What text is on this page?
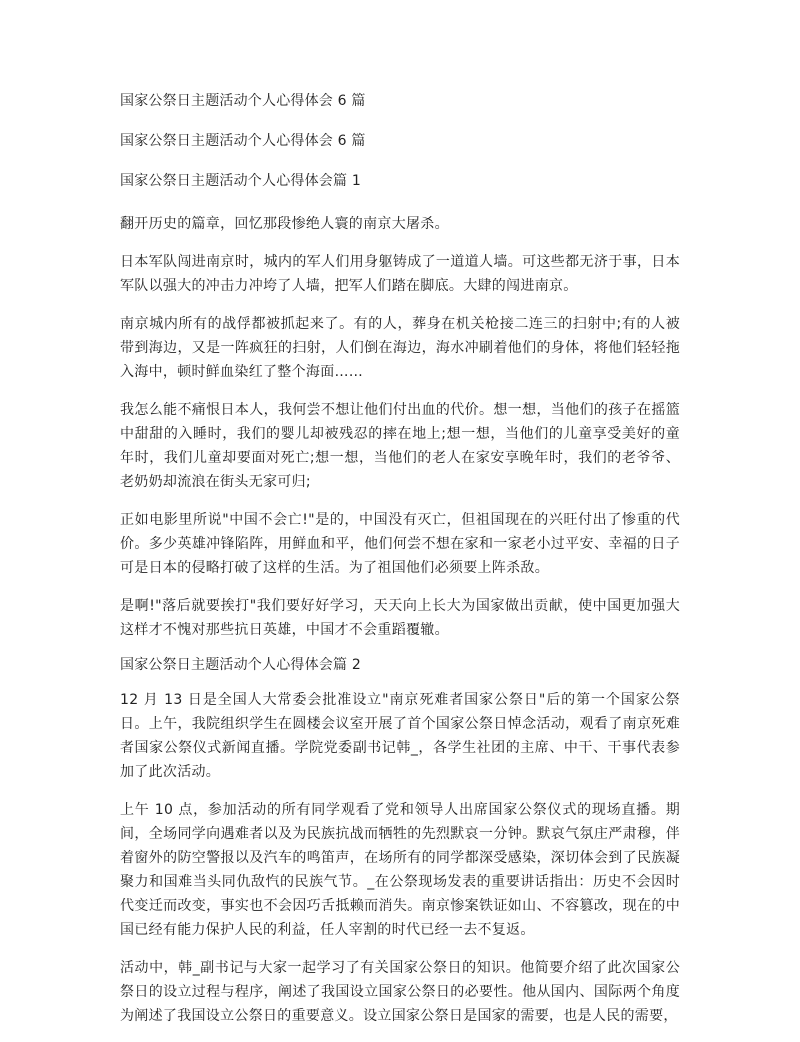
国家公祭日主题活动个人心得体会 6 篇
国家公祭日主题活动个人心得体会 6 篇
国家公祭日主题活动个人心得体会篇 1

翻开历史的篇章，回忆那段惨绝人寰的南京大屠杀。

日本军队闯进南京时，城内的军人们用身躯铸成了一道道人墙。可这些都无济于事，日本军队以强大的冲击力冲垮了人墙，把军人们踏在脚底。大肆的闯进南京。

南京城内所有的战俘都被抓起来了。有的人，葬身在机关枪接二连三的扫射中;有的人被带到海边，又是一阵疯狂的扫射，人们倒在海边，海水冲刷着他们的身体，将他们轻轻拖入海中，顿时鲜血染红了整个海面……

我怎么能不痛恨日本人，我何尝不想让他们付出血的代价。想一想，当他们的孩子在摇篮中甜甜的入睡时，我们的婴儿却被残忍的摔在地上;想一想，当他们的儿童享受美好的童年时，我们儿童却要面对死亡;想一想，当他们的老人在家安享晚年时，我们的老爷爷、老奶奶却流浪在街头无家可归;

正如电影里所说"中国不会亡!"是的，中国没有灭亡，但祖国现在的兴旺付出了惨重的代价。多少英雄冲锋陷阵，用鲜血和平，他们何尝不想在家和一家老小过平安、幸福的日子可是日本的侵略打破了这样的生活。为了祖国他们必须要上阵杀敌。

是啊!"落后就要挨打"我们要好好学习，天天向上长大为国家做出贡献，使中国更加强大这样才不愧对那些抗日英雄，中国才不会重蹈覆辙。

国家公祭日主题活动个人心得体会篇 2

12 月 13 日是全国人大常委会批准设立"南京死难者国家公祭日"后的第一个国家公祭日。上午，我院组织学生在圆楼会议室开展了首个国家公祭日悼念活动，观看了南京死难者国家公祭仪式新闻直播。学院党委副书记韩_，各学生社团的主席、中干、干事代表参加了此次活动。

上午 10 点，参加活动的所有同学观看了党和领导人出席国家公祭仪式的现场直播。期间，全场同学向遇难者以及为民族抗战而牺牲的先烈默哀一分钟。默哀气氛庄严肃穆，伴着窗外的防空警报以及汽车的鸣笛声，在场所有的同学都深受感染，深切体会到了民族凝聚力和国难当头同仇敌忾的民族气节。_在公祭现场发表的重要讲话指出：历史不会因时代变迁而改变，事实也不会因巧舌抵赖而消失。南京惨案铁证如山、不容篡改，现在的中国已经有能力保护人民的利益，任人宰割的时代已经一去不复返。

活动中，韩_副书记与大家一起学习了有关国家公祭日的知识。他简要介绍了此次国家公祭日的设立过程与程序，阐述了我国设立国家公祭日的必要性。他从国内、国际两个角度为阐述了我国设立公祭日的重要意义。设立国家公祭日是国家的需要，也是人民的需要，
